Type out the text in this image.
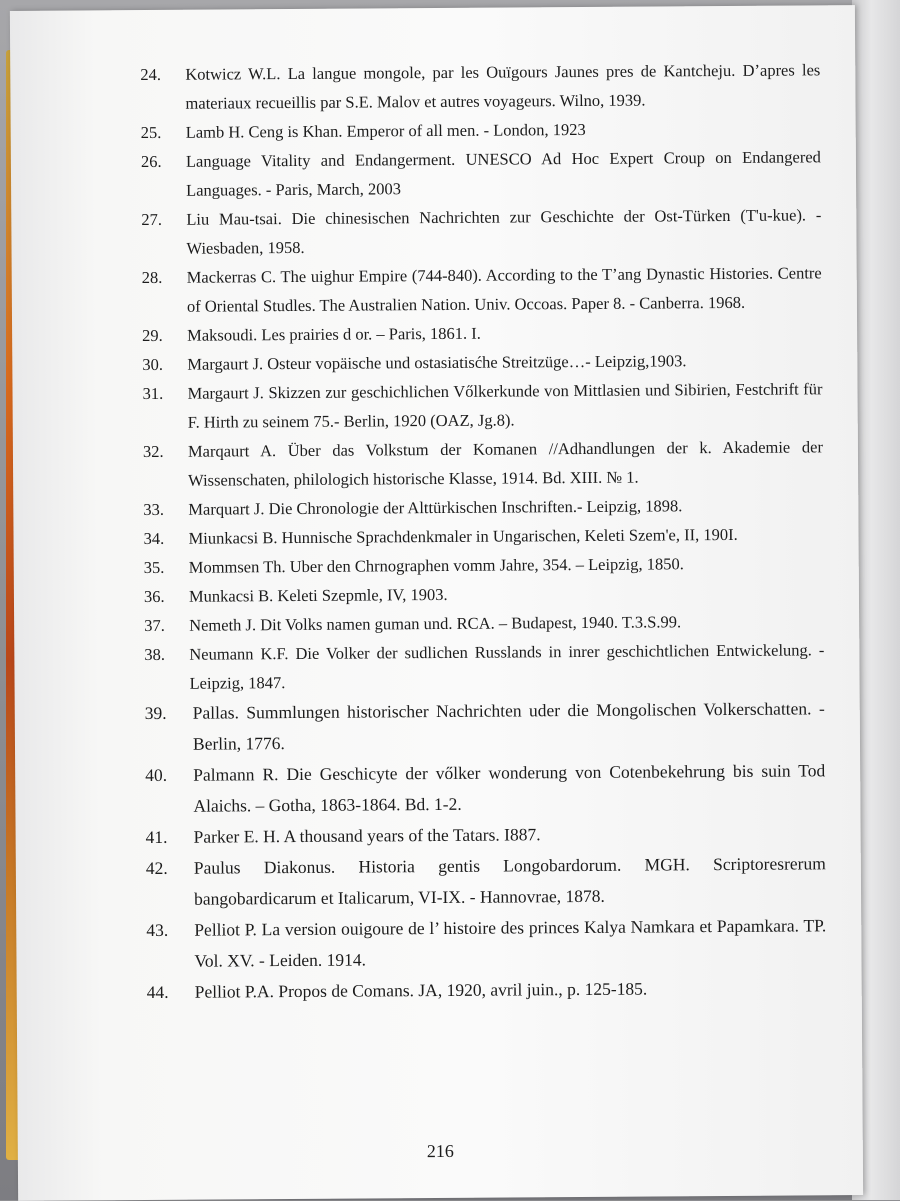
24.	Kotwicz W.L. La langue mongole, par les Ouïgours Jaunes pres de Kantcheju. D’apres les materiaux recueillis par S.E. Malov et autres voyageurs. Wilno, 1939.
25.	Lamb H. Ceng is Khan. Emperor of all men. - London, 1923
26.	Language Vitality and Endangerment. UNESCO Ad Hoc Expert Croup on Endangered Languages. - Paris, March, 2003
27.	Liu Mau-tsai. Die chinesischen Nachrichten zur Geschichte der Ost-Türken (T'u-kue). - Wiesbaden, 1958.
28.	Mackerras C. The uighur Empire (744-840). According to the T’ang Dynastic Histories. Centre of Oriental Studles. The Australien Nation. Univ. Occoas. Paper 8. - Canberra. 1968.
29.	Maksoudi. Les prairies d or. – Paris, 1861. I.
30.	Margaurt J. Osteur vopäische und ostasiatisćhe Streitzüge…- Leipzig,1903.
31.	Margaurt J. Skizzen zur geschichlichen Vőlkerkunde von Mittlasien und Sibirien, Festchrift für F. Hirth zu seinem 75.- Berlin, 1920 (OAZ, Jg.8).
32.	Marqaurt A. Über das Volkstum der Komanen //Adhandlungen der k. Akademie der Wissenschaten, philologich historische Klasse, 1914. Bd. XIII. № 1.
33.	Marquart J. Die Chronologie der Alttürkischen Inschriften.- Leipzig, 1898.
34.	Miunkacsi B. Hunnische Sprachdenkmaler in Ungarischen, Keleti Szem'e, II, 190I.
35.	Mommsen Th. Uber den Chrnographen vomm Jahre, 354. – Leipzig, 1850.
36.	Munkacsi B. Keleti Szepmle, IV, 1903.
37.	Nemeth J. Dit Volks namen guman und. RCA. – Budapest, 1940. T.3.S.99.
38.	Neumann K.F. Die Volker der sudlichen Russlands in inrer geschichtlichen Entwickelung. - Leipzig, 1847.
39.	Pallas. Summlungen historischer Nachrichten uder die Mongolischen Volkerschatten. - Berlin, 1776.
40.	Palmann R. Die Geschicyte der vőlker wonderung von Cotenbekehrung bis suin Tod Alaichs. – Gotha, 1863-1864. Bd. 1-2.
41.	Parker E. H. A thousand years of the Tatars. I887.
42.	Paulus Diakonus. Historia gentis Longobardorum. MGH. Scriptoresrerum bangobardicarum et Italicarum, VI-IX. - Hannovrae, 1878.
43.	Pelliot P. La version ouigoure de l’ histoire des princes Kalya Namkara et Papamkara. TP. Vol. XV. - Leiden. 1914.
44.	Pelliot P.A. Propos de Comans. JA, 1920, avril juin., p. 125-185.
216
